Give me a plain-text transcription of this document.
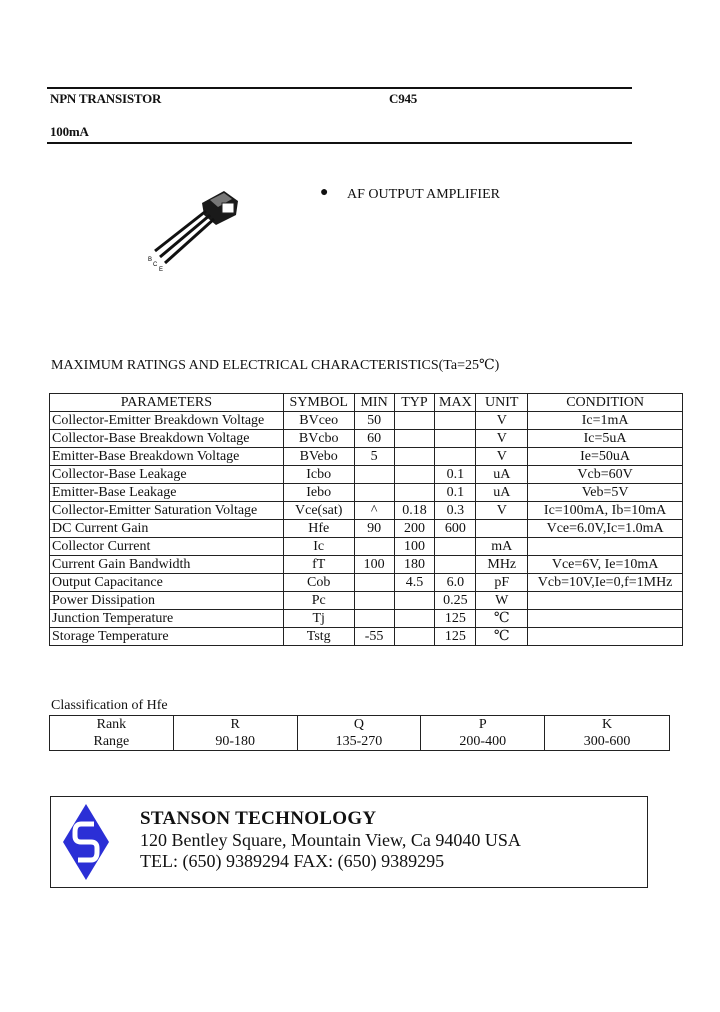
NPN TRANSISTOR	C945
100mA
B
C
E
● AF OUTPUT AMPLIFIER
MAXIMUM RATINGS AND ELECTRICAL CHARACTERISTICS(Ta=25℃)
PARAMETERS	SYMBOL	MIN	TYP	MAX	UNIT	CONDITION
Collector-Emitter Breakdown Voltage	BVceo	50			V	Ic=1mA
Collector-Base Breakdown Voltage	BVcbo	60			V	Ic=5uA
Emitter-Base Breakdown Voltage	BVebo	5			V	Ie=50uA
Collector-Base Leakage	Icbo			0.1	uA	Vcb=60V
Emitter-Base Leakage	Iebo			0.1	uA	Veb=5V
Collector-Emitter Saturation Voltage	Vce(sat)	^	0.18	0.3	V	Ic=100mA, Ib=10mA
DC Current Gain	Hfe	90	200	600		Vce=6.0V,Ic=1.0mA
Collector Current	Ic		100		mA	
Current Gain Bandwidth	fT	100	180		MHz	Vce=6V, Ie=10mA
Output Capacitance	Cob		4.5	6.0	pF	Vcb=10V,Ie=0,f=1MHz
Power Dissipation	Pc			0.25	W	
Junction Temperature	Tj			125	℃	
Storage Temperature	Tstg	-55		125	℃	
Classification of Hfe
Rank	R	Q	P	K
Range	90-180	135-270	200-400	300-600
STANSON TECHNOLOGY
120 Bentley Square, Mountain View, Ca 94040 USA
TEL: (650) 9389294 FAX: (650) 9389295
